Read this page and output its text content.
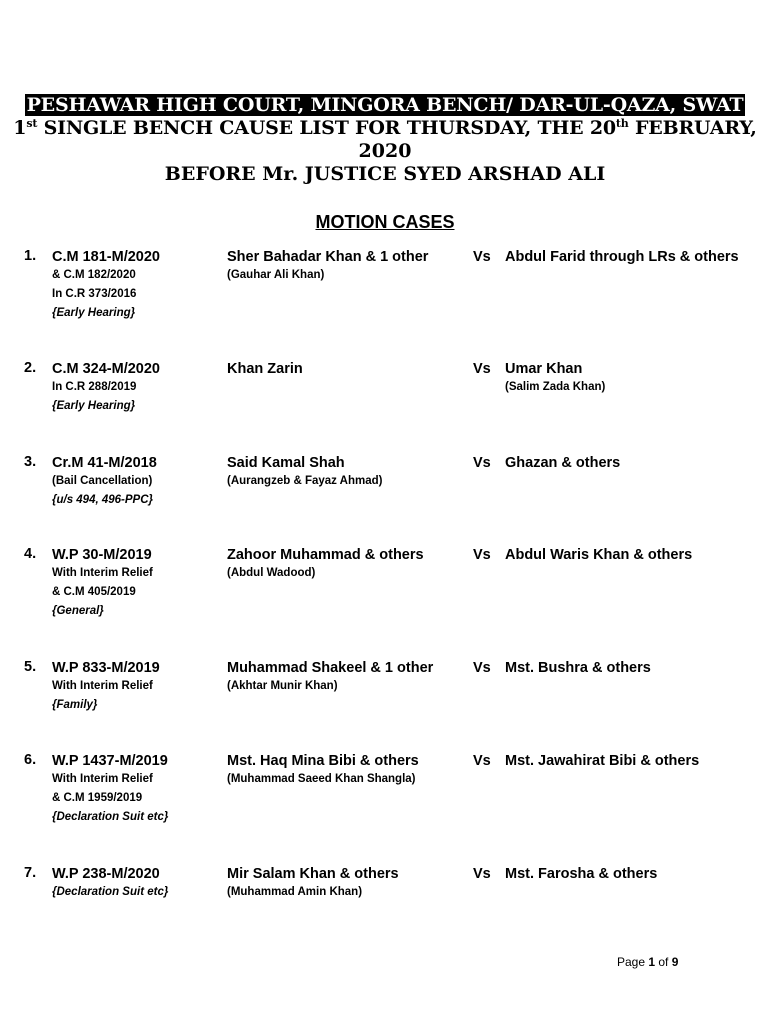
PESHAWAR HIGH COURT, MINGORA BENCH/ DAR-UL-QAZA, SWAT
1st SINGLE BENCH CAUSE LIST FOR THURSDAY, THE 20th FEBRUARY,
2020
BEFORE Mr. JUSTICE SYED ARSHAD ALI
MOTION CASES
1. C.M 181-M/2020
& C.M 182/2020
In C.R 373/2016
{Early Hearing}
Sher Bahadar Khan & 1 other
(Gauhar Ali Khan)
Vs Abdul Farid through LRs & others
2. C.M 324-M/2020
In C.R 288/2019
{Early Hearing}
Khan Zarin	Vs Umar Khan
(Salim Zada Khan)
3. Cr.M 41-M/2018
(Bail Cancellation)
{u/s 494, 496-PPC}
Said Kamal Shah
(Aurangzeb & Fayaz Ahmad)
Vs Ghazan & others
4. W.P 30-M/2019
With Interim Relief
& C.M 405/2019
{General}
Zahoor Muhammad & others
(Abdul Wadood)
Vs Abdul Waris Khan & others
5. W.P 833-M/2019
With Interim Relief
{Family}
Muhammad Shakeel & 1 other
(Akhtar Munir Khan)
Vs Mst. Bushra & others
6. W.P 1437-M/2019
With Interim Relief
& C.M 1959/2019
{Declaration Suit etc}
Mst. Haq Mina Bibi & others
(Muhammad Saeed Khan Shangla)
Vs Mst. Jawahirat Bibi & others
7. W.P 238-M/2020
{Declaration Suit etc}
Mir Salam Khan & others
(Muhammad Amin Khan)
Vs Mst. Farosha & others
Page 1 of 9
